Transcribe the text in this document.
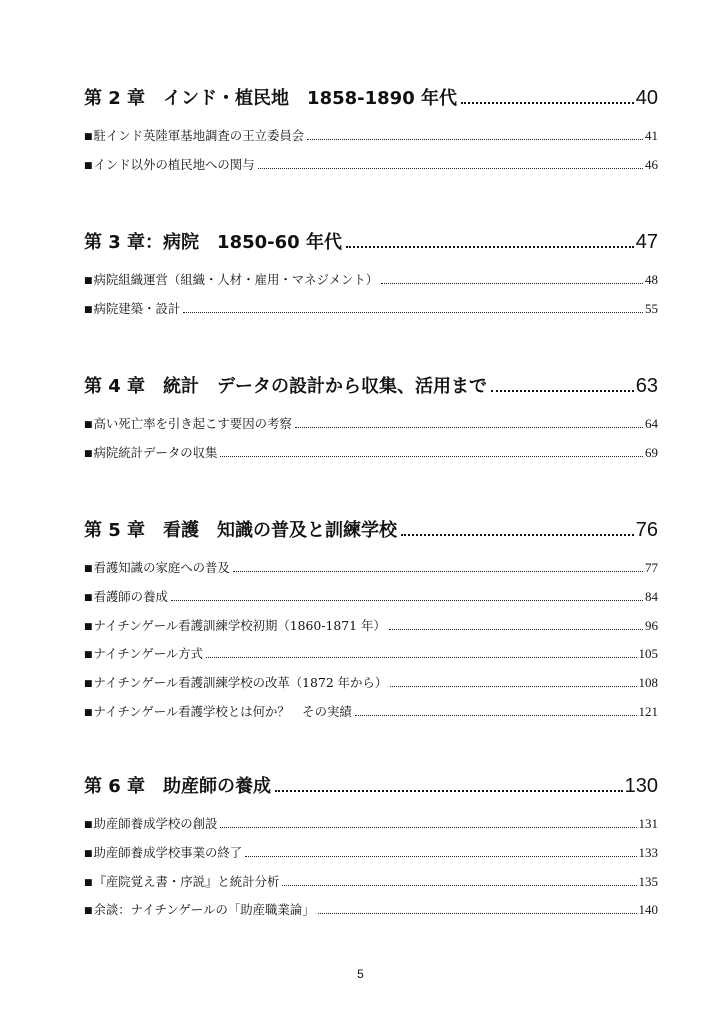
第 2 章　インド・植民地　1858-1890 年代	40
■ 駐インド英陸軍基地調査の王立委員会	41
■ インド以外の植民地への関与	46
第 3 章：病院　1850-60 年代	47
■ 病院組織運営（組織・人材・雇用・マネジメント）	48
■ 病院建築・設計	55
第 4 章　統計　データの設計から収集、活用まで	63
■ 高い死亡率を引き起こす要因の考察	64
■ 病院統計データの収集	69
第 5 章　看護　知識の普及と訓練学校	76
■ 看護知識の家庭への普及	77
■ 看護師の養成	84
■ ナイチンゲール看護訓練学校初期（1860-1871 年）	96
■ ナイチンゲール方式	105
■ ナイチンゲール看護訓練学校の改革（1872 年から）	108
■ ナイチンゲール看護学校とは何か？　その実績	121
第 6 章　助産師の養成	130
■ 助産師養成学校の創設	131
■ 助産師養成学校事業の終了	133
■ 『産院覚え書・序説』と統計分析	135
■ 余談：ナイチンゲールの「助産職業論」	140
5
